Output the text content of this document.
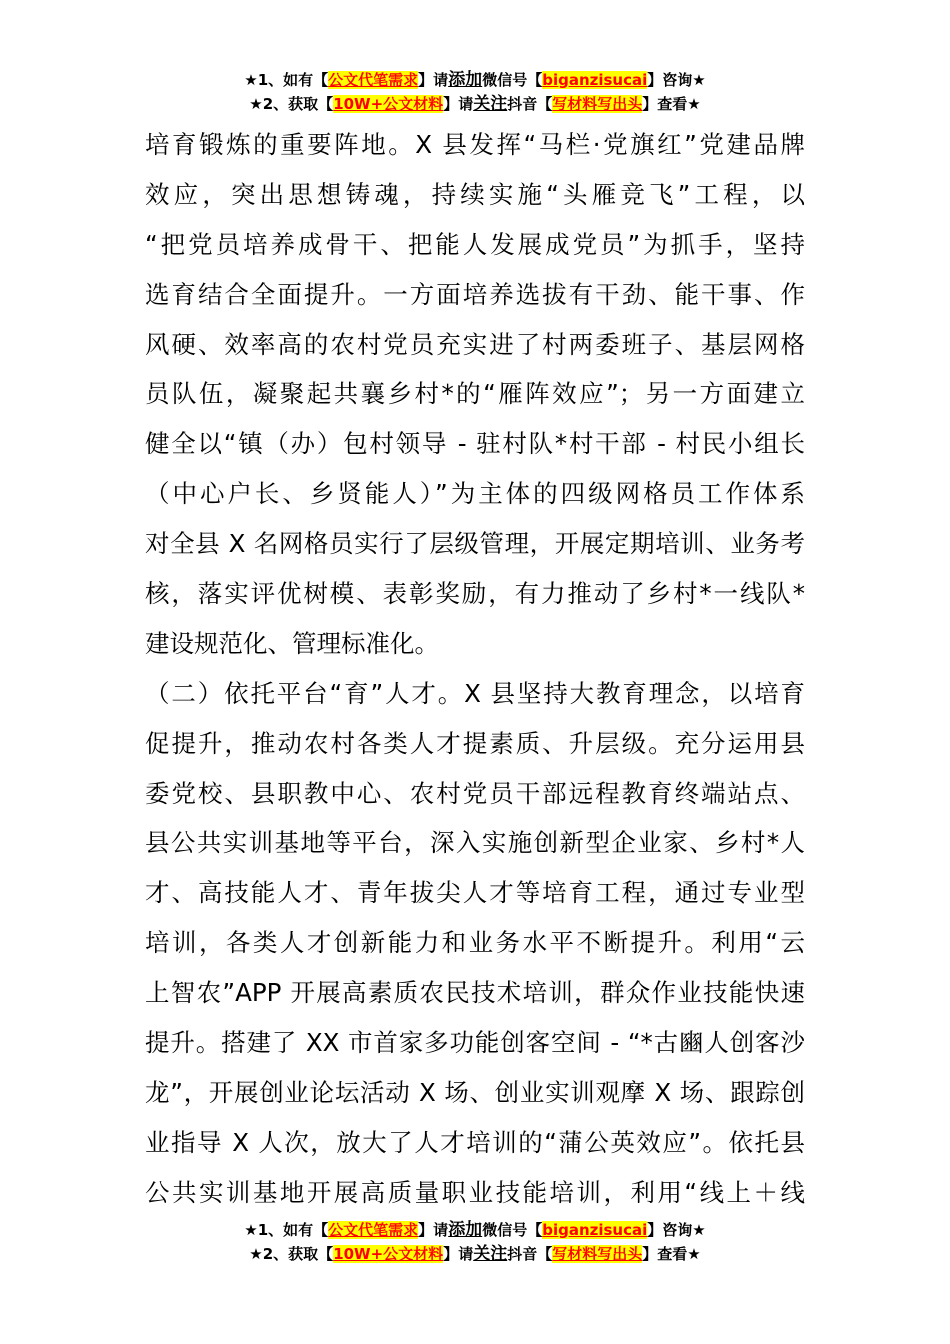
★1、如有【公文代笔需求】请添加微信号【biganzisucai】咨询★
★2、获取【10W+公文材料】请关注抖音【写材料写出头】查看★
培育锻炼的重要阵地。X 县发挥“马栏·党旗红”党建品牌
效应，突出思想铸魂，持续实施“头雁竞飞”工程，以
“把党员培养成骨干、把能人发展成党员”为抓手，坚持
选育结合全面提升。一方面培养选拔有干劲、能干事、作
风硬、效率高的农村党员充实进了村两委班子、基层网格
员队伍，凝聚起共襄乡村*的“雁阵效应”；另一方面建立
健全以“镇（办）包村领导 - 驻村队*村干部 - 村民小组长
（中心户长、乡贤能人）”为主体的四级网格员工作体系
对全县 X 名网格员实行了层级管理，开展定期培训、业务考
核，落实评优树模、表彰奖励，有力推动了乡村*一线队*
建设规范化、管理标准化。
（二）依托平台“育”人才。X 县坚持大教育理念，以培育
促提升，推动农村各类人才提素质、升层级。充分运用县
委党校、县职教中心、农村党员干部远程教育终端站点、
县公共实训基地等平台，深入实施创新型企业家、乡村*人
才、高技能人才、青年拔尖人才等培育工程，通过专业型
培训，各类人才创新能力和业务水平不断提升。利用“云
上智农”APP 开展高素质农民技术培训，群众作业技能快速
提升。搭建了 XX 市首家多功能创客空间 - “*古豳人创客沙
龙”，开展创业论坛活动 X 场、创业实训观摩 X 场、跟踪创
业指导 X 人次，放大了人才培训的“蒲公英效应”。依托县
公共实训基地开展高质量职业技能培训，利用“线上＋线
★1、如有【公文代笔需求】请添加微信号【biganzisucai】咨询★
★2、获取【10W+公文材料】请关注抖音【写材料写出头】查看★
